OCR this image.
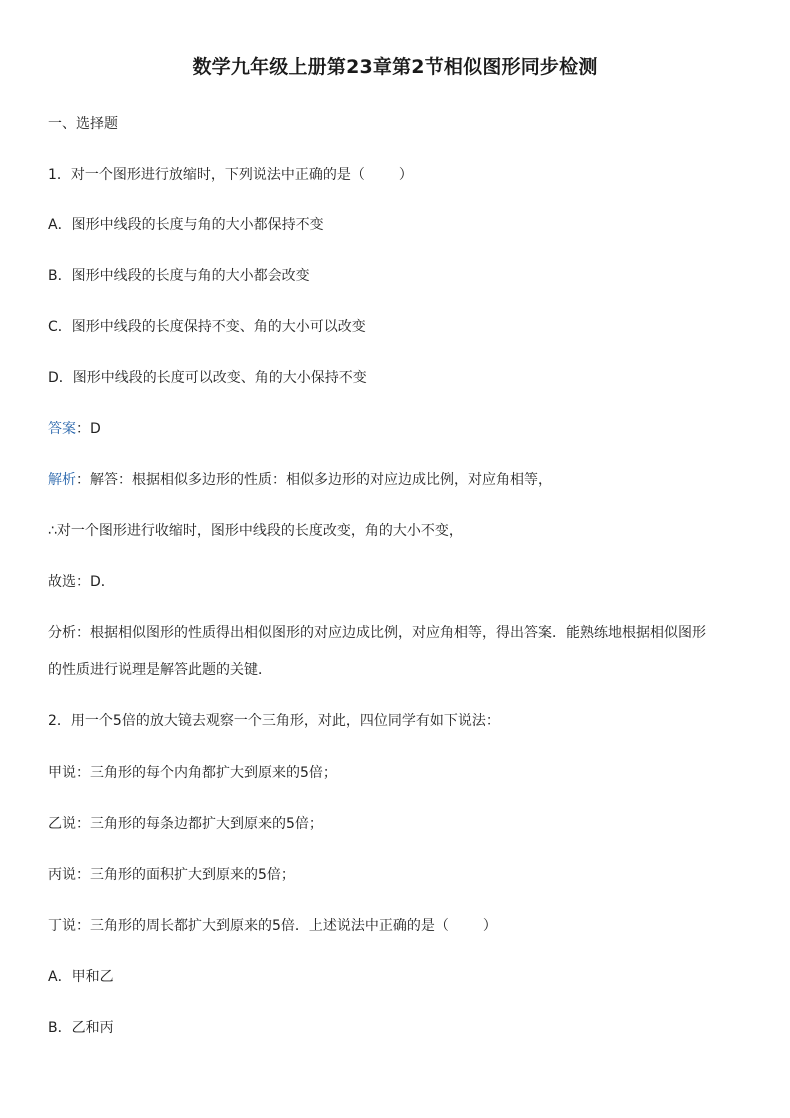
数学九年级上册第23章第2节相似图形同步检测
一、选择题
1．对一个图形进行放缩时，下列说法中正确的是（ ）
A．图形中线段的长度与角的大小都保持不变
B．图形中线段的长度与角的大小都会改变
C．图形中线段的长度保持不变、角的大小可以改变
D．图形中线段的长度可以改变、角的大小保持不变
答案：D
解析：解答：根据相似多边形的性质：相似多边形的对应边成比例，对应角相等，
∴对一个图形进行收缩时，图形中线段的长度改变，角的大小不变，
故选：D．
分析：根据相似图形的性质得出相似图形的对应边成比例，对应角相等，得出答案．能熟练地根据相似图形
的性质进行说理是解答此题的关键．
2．用一个5倍的放大镜去观察一个三角形，对此，四位同学有如下说法：
甲说：三角形的每个内角都扩大到原来的5倍；
乙说：三角形的每条边都扩大到原来的5倍；
丙说：三角形的面积扩大到原来的5倍；
丁说：三角形的周长都扩大到原来的5倍．上述说法中正确的是（ ）
A．甲和乙
B．乙和丙
